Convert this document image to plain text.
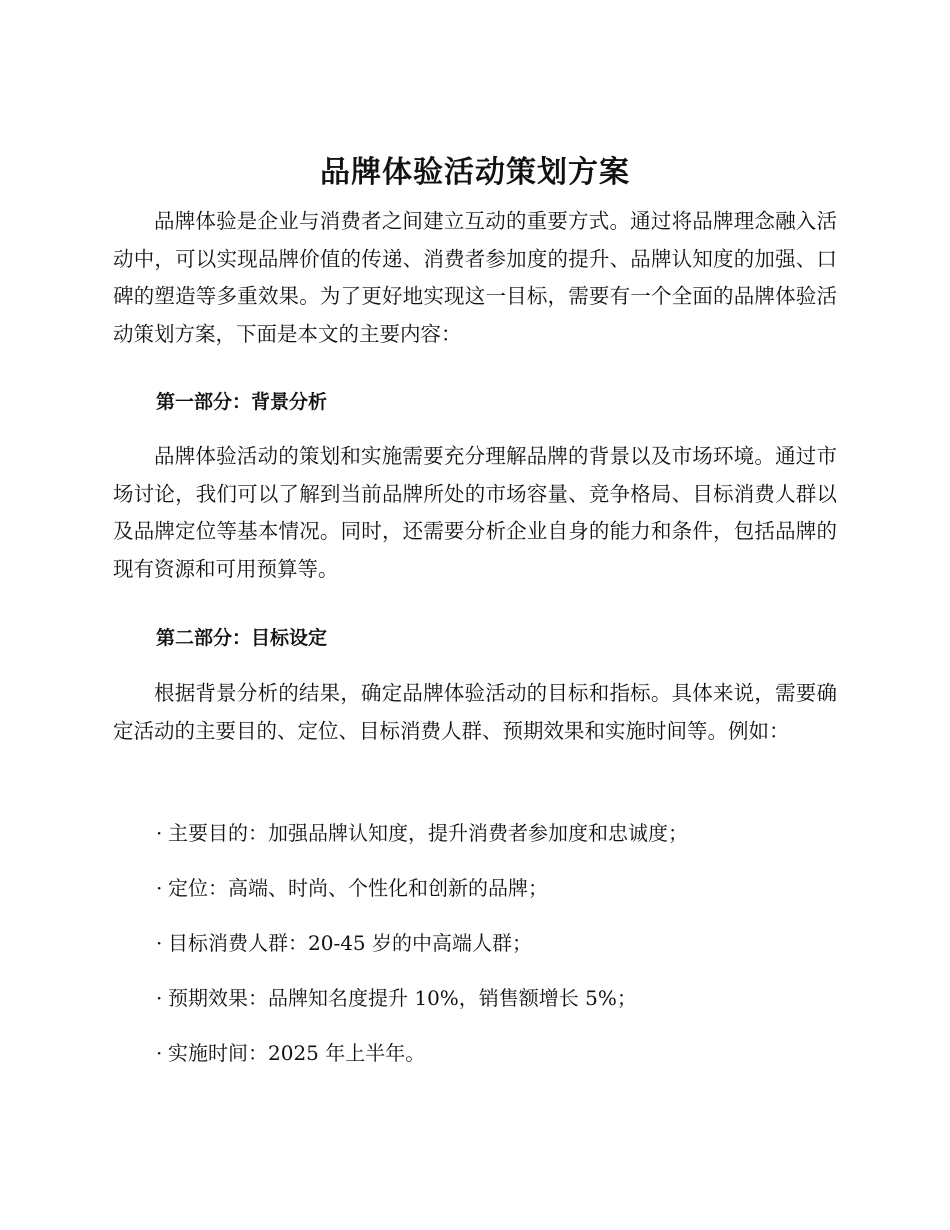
品牌体验活动策划方案

品牌体验是企业与消费者之间建立互动的重要方式。通过将品牌理念融入活动中，可以实现品牌价值的传递、消费者参加度的提升、品牌认知度的加强、口碑的塑造等多重效果。为了更好地实现这一目标，需要有一个全面的品牌体验活动策划方案，下面是本文的主要内容：

第一部分：背景分析

品牌体验活动的策划和实施需要充分理解品牌的背景以及市场环境。通过市场讨论，我们可以了解到当前品牌所处的市场容量、竞争格局、目标消费人群以及品牌定位等基本情况。同时，还需要分析企业自身的能力和条件，包括品牌的现有资源和可用预算等。

第二部分：目标设定

根据背景分析的结果，确定品牌体验活动的目标和指标。具体来说，需要确定活动的主要目的、定位、目标消费人群、预期效果和实施时间等。例如：

· 主要目的：加强品牌认知度，提升消费者参加度和忠诚度；

· 定位：高端、时尚、个性化和创新的品牌；

· 目标消费人群：20-45 岁的中高端人群；

· 预期效果：品牌知名度提升 10%，销售额增长 5%；

· 实施时间：2025 年上半年。
